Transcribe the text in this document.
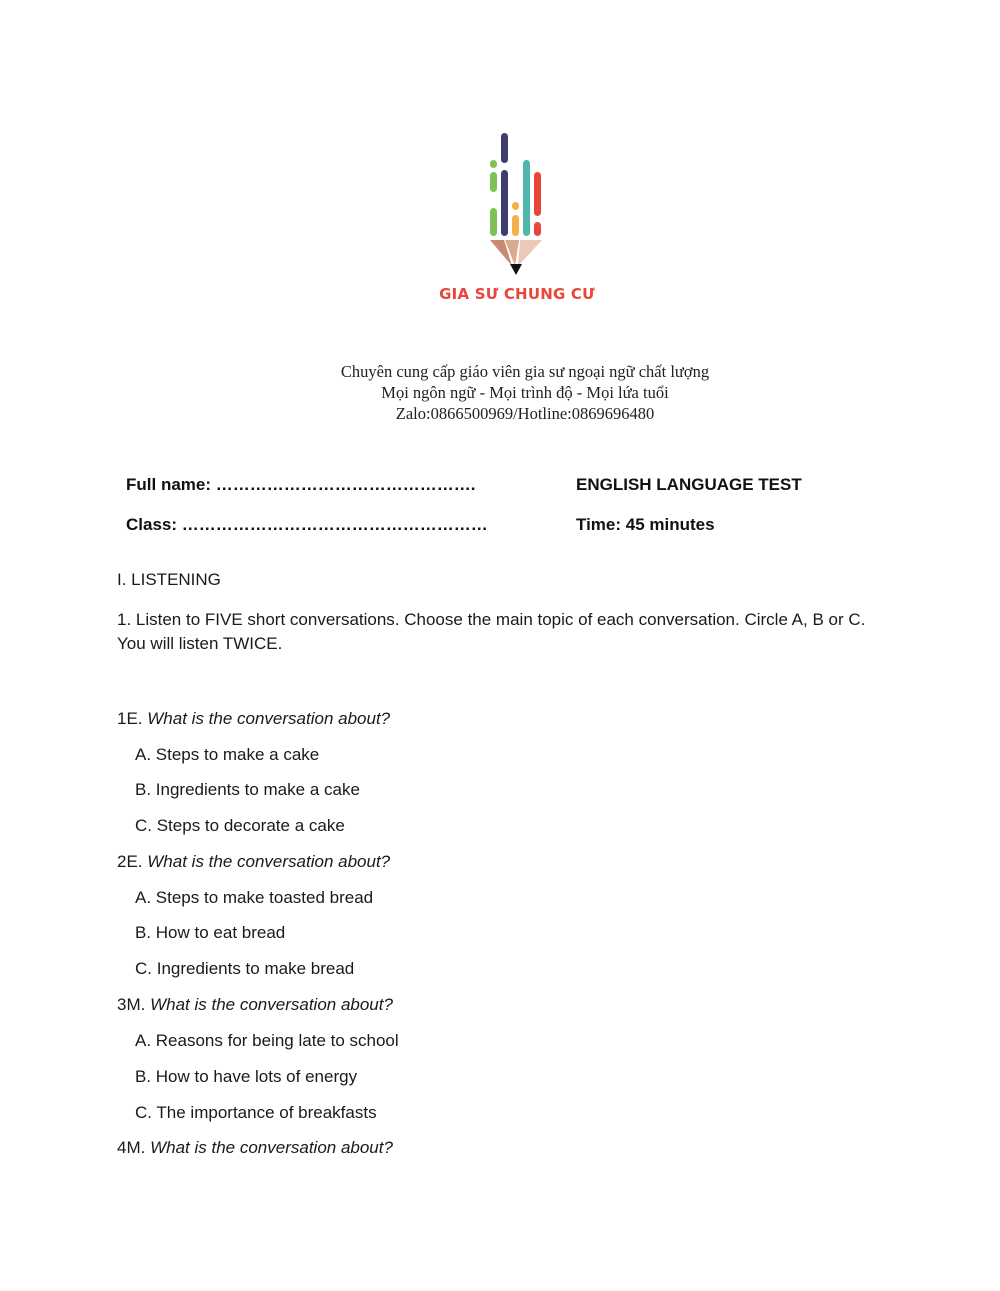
GIA SƯ CHUNG CƯ
Chuyên cung cấp giáo viên gia sư ngoại ngữ chất lượng
Mọi ngôn ngữ - Mọi trình độ - Mọi lứa tuổi
Zalo:0866500969/Hotline:0869696480
Full name: ……………………………………….
Class: ………………………………………………
ENGLISH LANGUAGE TEST
Time: 45 minutes
I. LISTENING
1. Listen to FIVE short conversations. Choose the main topic of each conversation. Circle A, B or C. You will listen TWICE.
1E. What is the conversation about?
A. Steps to make a cake
B. Ingredients to make a cake
C. Steps to decorate a cake
2E. What is the conversation about?
A. Steps to make toasted bread
B. How to eat bread
C. Ingredients to make bread
3M. What is the conversation about?
A. Reasons for being late to school
B. How to have lots of energy
C. The importance of breakfasts
4M. What is the conversation about?
